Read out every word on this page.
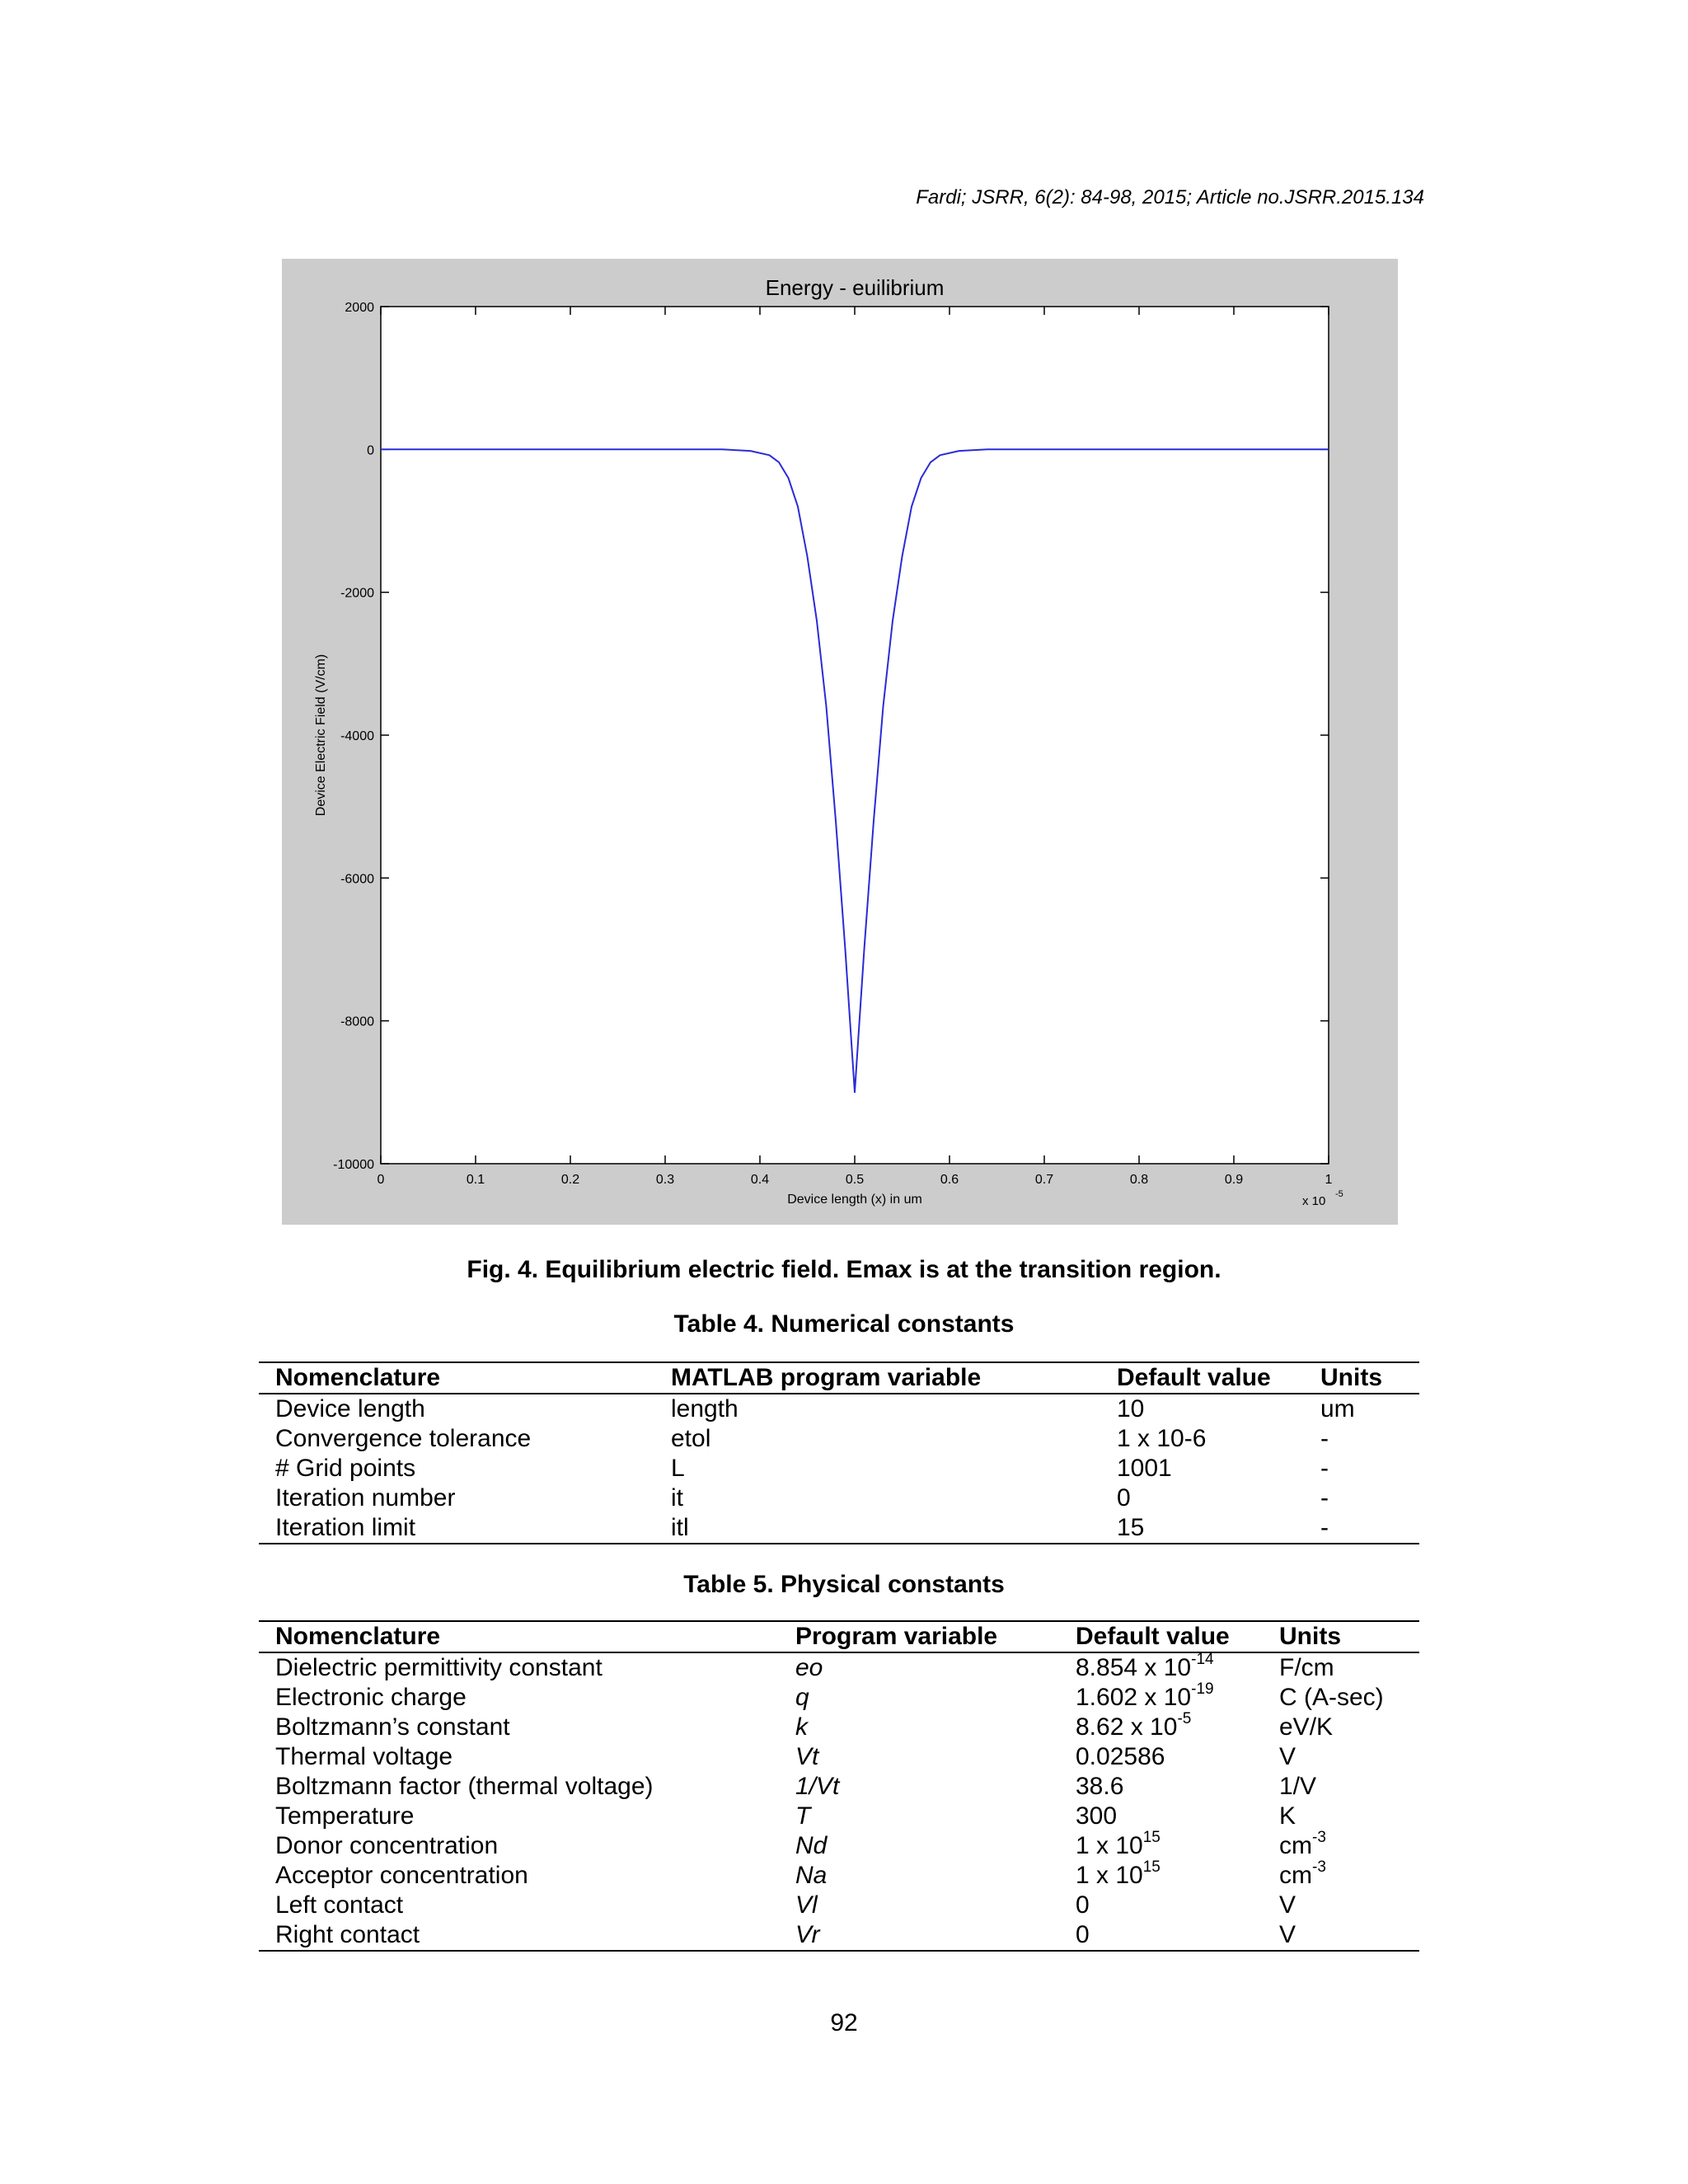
Fardi; JSRR, 6(2): 84-98, 2015; Article no.JSRR.2015.134
0	0.1	0.2	0.3	0.4	0.5	0.6	0.7	0.8	0.9	1
2000
0
-2000
-4000
-6000
-8000
-10000
Energy - euilibrium
Device length (x) in um
Device Electric Field (V/cm)
x 10 -5
Fig. 4. Equilibrium electric field. Emax is at the transition region.
Table 4. Numerical constants
Nomenclature	MATLAB program variable	Default value	Units
Device length	length	10	um
Convergence tolerance	etol	1 x 10-6	-
# Grid points	L	1001	-
Iteration number	it	0	-
Iteration limit	itl	15	-
Table 5. Physical constants
Nomenclature	Program variable	Default value	Units
Dielectric permittivity constant	eo	8.854 x $10^{-14}$	F/cm
Electronic charge	q	1.602 x $10^{-19}$	C (A-sec)
Boltzmann’s constant	k	8.62 x $10^{-5}$	eV/K
Thermal voltage	Vt	0.02586	V
Boltzmann factor (thermal voltage)	1/Vt	38.6	1/V
Temperature	T	300	K
Donor concentration	Nd	1 x $10^{15}$	$cm^{-3}$
Acceptor concentration	Na	1 x $10^{15}$	$cm^{-3}$
Left contact	Vl	0	V
Right contact	Vr	0	V
92
